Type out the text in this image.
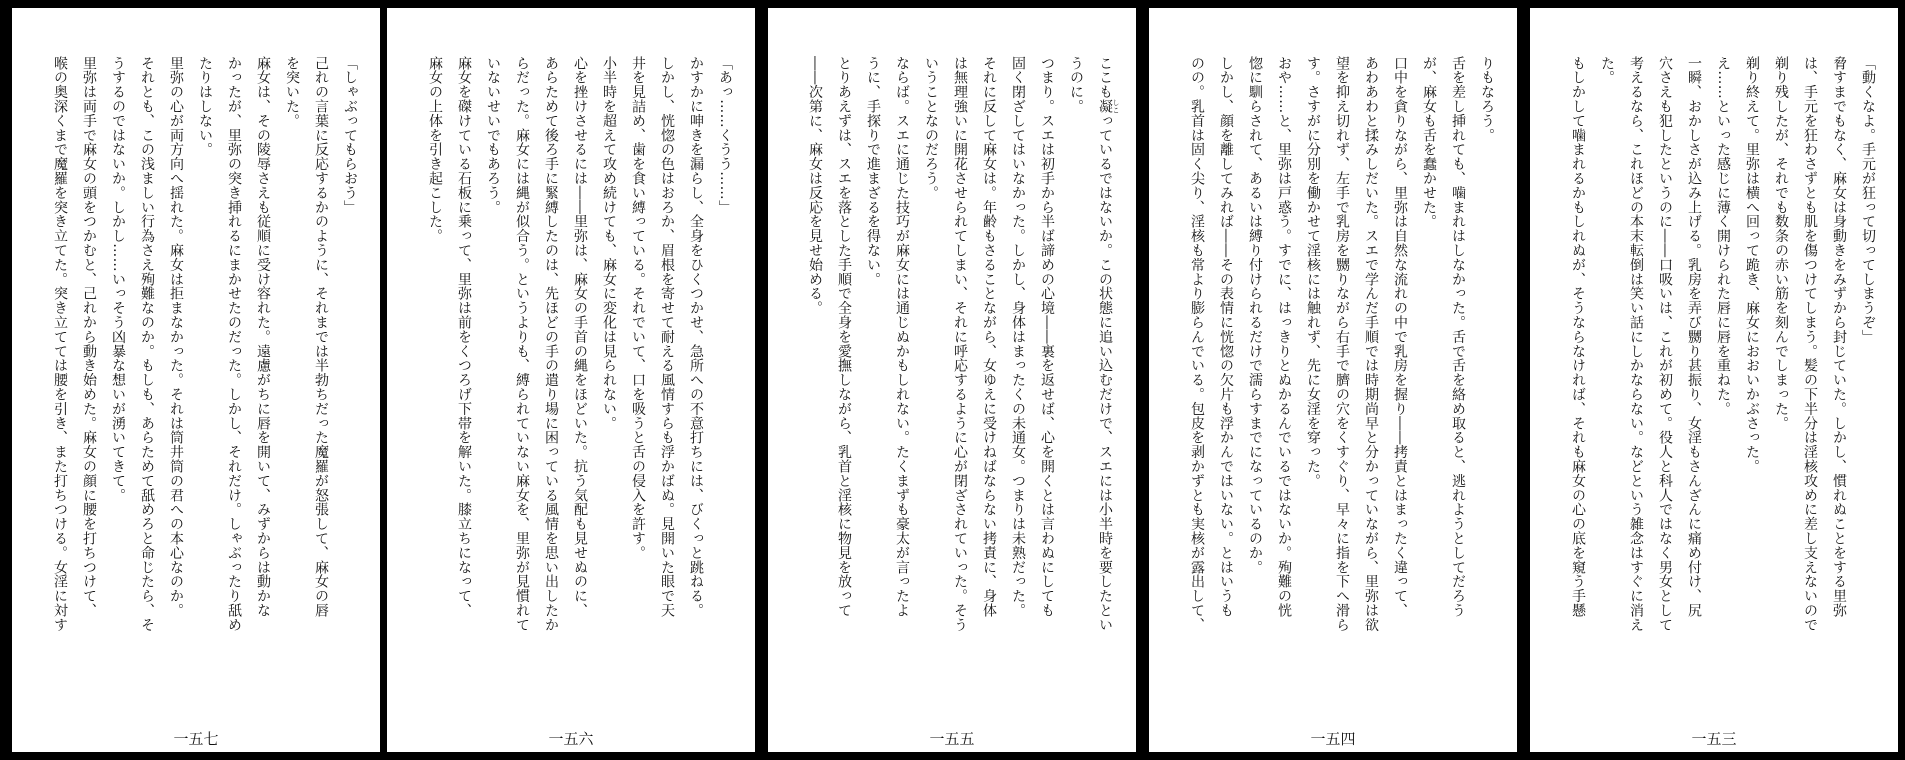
「しゃぶってもらおう」
己れの言葉に反応するかのように、それまでは半勃ちだった魔羅が怒張して、麻女の唇
を突いた。
麻女は、その陵辱さえも従順に受け容れた。遠慮がちに唇を開いて、みずからは動かな
かったが、里弥の突き挿れるにまかせたのだった。しかし、それだけ。しゃぶったり舐め
たりはしない。
里弥の心が両方向へ揺れた。麻女は拒まなかった。それは筒井筒の君への本心なのか。
それとも、この浅ましい行為さえ殉難なのか。もしも、あらためて舐めろと命じたら、そ
うするのではないか。しかし……いっそう凶暴な想いが湧いてきて。
里弥は両手で麻女の頭をつかむと、己れから動き始めた。麻女の顔に腰を打ちつけて、
喉の奥深くまで魔羅を突き立てた。突き立てては腰を引き、また打ちつける。女淫に対す
一五七
「あっ……くうう……」
かすかに呻きを漏らし、全身をひくつかせ、急所への不意打ちには、びくっと跳ねる。
しかし、恍惚の色はおろか、眉根を寄せて耐える風情すらも浮かばぬ。見開いた眼で天
井を見詰め、歯を食い縛っている。それでいて、口を吸うと舌の侵入を許す。
小半時を超えて攻め続けても、麻女に変化は見られない。
心を挫けさせるには――里弥は、麻女の手首の縄をほどいた。抗う気配も見せぬのに、
あらためて後ろ手に緊縛したのは、先ほどの手の遣り場に困っている風情を思い出したか
らだった。麻女には縄が似合う。というよりも、縛られていない麻女を、里弥が見慣れて
いないせいでもあろう。
麻女を磔けている石板に乗って、里弥は前をくつろげ下帯を解いた。膝立ちになって、
麻女の上体を引き起こした。
一五六
ここも凝 しこっているではないか。この状態に追い込むだけで、スエには小半時を要したとい
うのに。
つまり。スエは初手から半ば諦めの心境――裏を返せば、心を開くとは言わぬにしても
固く閉ざしてはいなかった。しかし、身体はまったくの未通女。つまりは未熟だった。
それに反して麻女は。年齢もさることながら、女ゆえに受けねばならない拷責に、身体
は無理強いに開花させられてしまい、それに呼応するように心が閉ざされていった。そう
いうことなのだろう。
ならば。スエに通じた技巧が麻女には通じぬかもしれない。たくまずも豪太が言ったよ
うに、手探りで進まざるを得ない。
とりあえずは、スエを落とした手順で全身を愛撫しながら、乳首と淫核に物見を放って
――次第に、麻女は反応を見せ始める。
一五五
りもなろう。
舌を差し挿れても、噛まれはしなかった。舌で舌を絡め取ると、逃れようとしてだろう
が、麻女も舌を蠢かせた。
口中を貪りながら、里弥は自然な流れの中で乳房を握り――拷責とはまったく違って、
あわあわと揉みしだいた。スエで学んだ手順では時期尚早と分かっていながら、里弥は欲
望を抑え切れず、左手で乳房を嬲りながら右手で臍の穴をくすぐり、早々に指を下へ滑ら
す。さすがに分別を働かせて淫核には触れず、先に女淫を穿った。
おや……と、里弥は戸惑う。すでに、はっきりとぬかるんでいるではないか。殉難の恍
惚に馴らされて、あるいは縛り付けられるだけで濡らすまでになっているのか。
しかし、顔を離してみれば――その表情に恍惚の欠片も浮かんではいない。とはいうも
のの。乳首は固く尖り、淫核も常より膨らんでいる。包皮を剥かずとも実核が露出して、
一五四
「動くなよ。手元が狂って切ってしまうぞ」
脅すまでもなく、麻女は身動きをみずから封じていた。しかし、慣れぬことをする里弥
は、手元を狂わさずとも肌を傷つけてしまう。髪の下半分は淫核攻めに差し支えないので
剃り残したが、それでも数条の赤い筋を刻んでしまった。
剃り終えて。里弥は横へ回って跪き、麻女におおいかぶさった。
え……といった感じに薄く開けられた唇に唇を重ねた。
一瞬、おかしさが込み上げる。乳房を弄び嬲り甚振り、女淫もさんざんに痛め付け、尻
穴さえも犯したというのに――口吸いは、これが初めて。役人と科人ではなく男女として
考えるなら、これほどの本末転倒は笑い話にしかならない。などという雑念はすぐに消え
た。
もしかして噛まれるかもしれぬが、そうならなければ、それも麻女の心の底を窺う手懸
一五三
